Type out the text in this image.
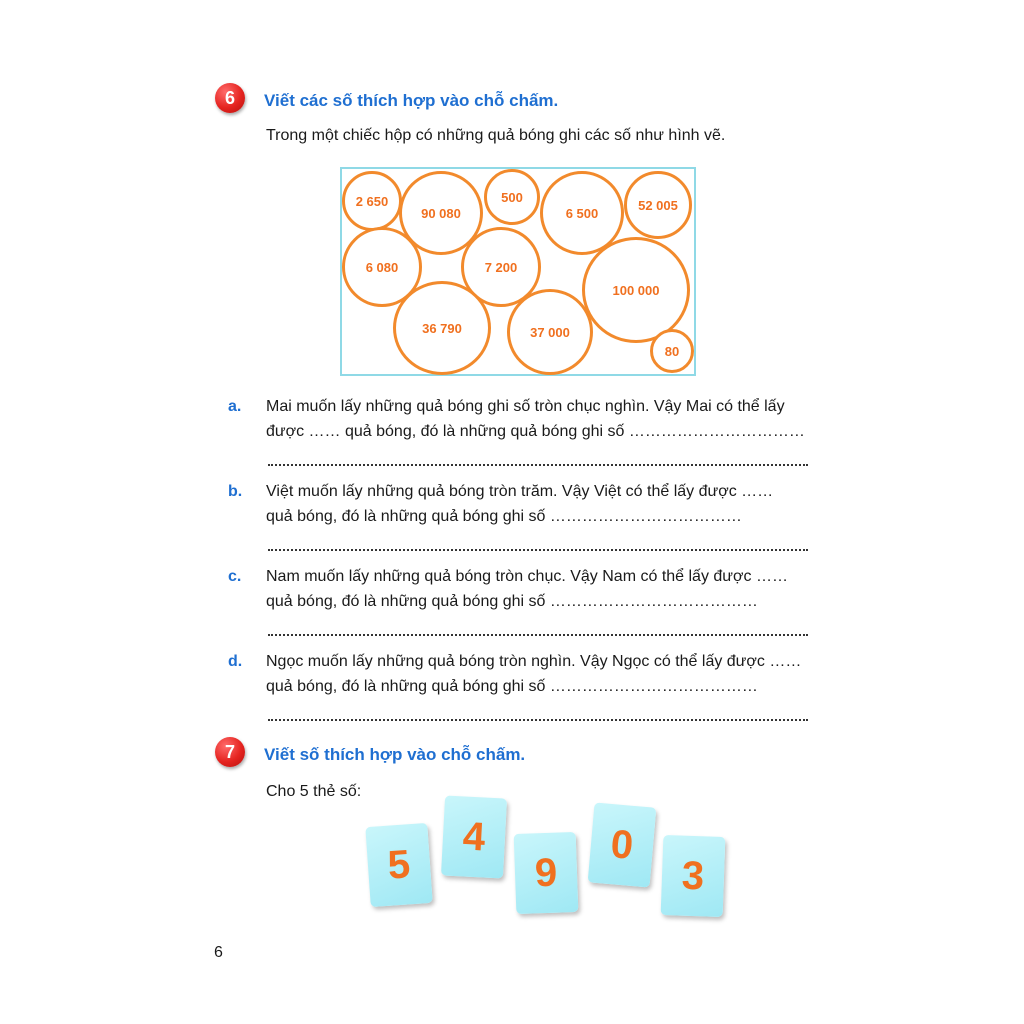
6	Viết các số thích hợp vào chỗ chấm.
Trong một chiếc hộp có những quả bóng ghi các số như hình vẽ.
2 650
90 080
500
6 500
52 005
6 080	7 200
100 000
36 790	37 000
80
a. Mai muốn lấy những quả bóng ghi số tròn chục nghìn. Vậy Mai có thể lấy
được …… quả bóng, đó là những quả bóng ghi số ……………………………
b. Việt muốn lấy những quả bóng tròn trăm. Vậy Việt có thể lấy được ……
quả bóng, đó là những quả bóng ghi số ………………………………
c. Nam muốn lấy những quả bóng tròn chục. Vậy Nam có thể lấy được ……
quả bóng, đó là những quả bóng ghi số …………………………………
d. Ngọc muốn lấy những quả bóng tròn nghìn. Vậy Ngọc có thể lấy được ……
quả bóng, đó là những quả bóng ghi số …………………………………
7	Viết số thích hợp vào chỗ chấm.
Cho 5 thẻ số:
5
4
9
0
3
6
